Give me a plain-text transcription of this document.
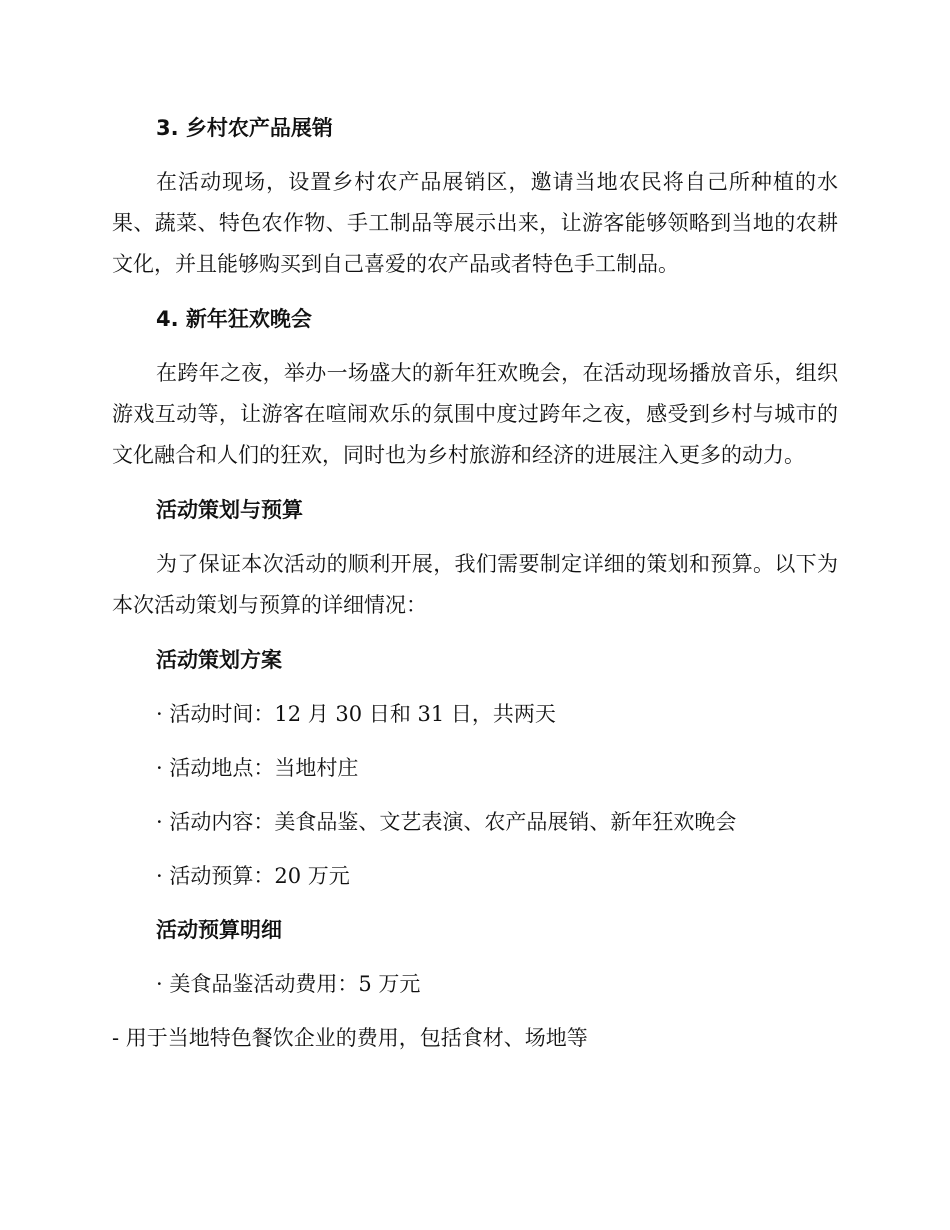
3. 乡村农产品展销
在活动现场，设置乡村农产品展销区，邀请当地农民将自己所种植的水果、蔬菜、特色农作物、手工制品等展示出来，让游客能够领略到当地的农耕文化，并且能够购买到自己喜爱的农产品或者特色手工制品。
4. 新年狂欢晚会
在跨年之夜，举办一场盛大的新年狂欢晚会，在活动现场播放音乐，组织游戏互动等，让游客在喧闹欢乐的氛围中度过跨年之夜，感受到乡村与城市的文化融合和人们的狂欢，同时也为乡村旅游和经济的进展注入更多的动力。
活动策划与预算
为了保证本次活动的顺利开展，我们需要制定详细的策划和预算。以下为本次活动策划与预算的详细情况：
活动策划方案
· 活动时间：12 月 30 日和 31 日，共两天
· 活动地点：当地村庄
· 活动内容：美食品鉴、文艺表演、农产品展销、新年狂欢晚会
· 活动预算：20 万元
活动预算明细
· 美食品鉴活动费用：5 万元
- 用于当地特色餐饮企业的费用，包括食材、场地等
